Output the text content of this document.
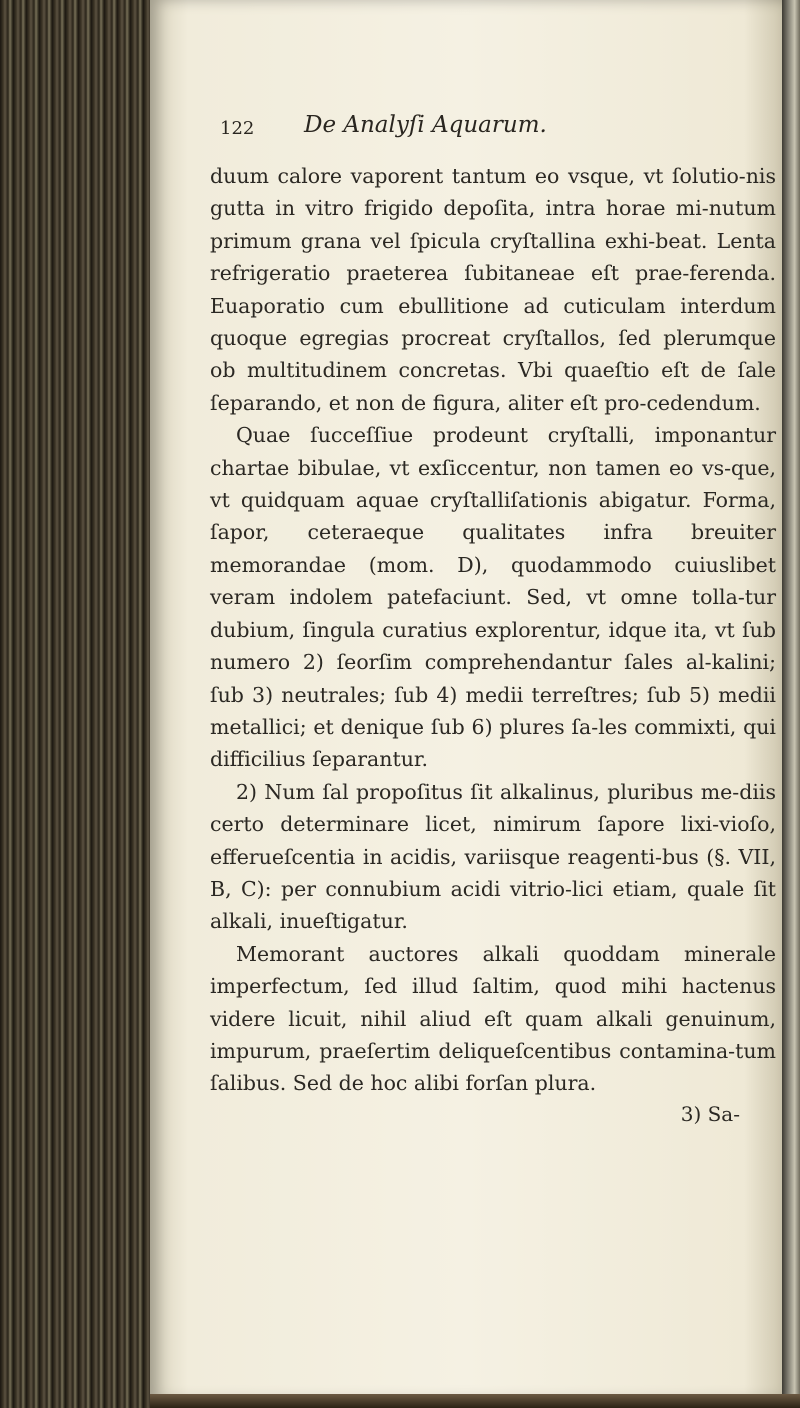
122 De Analyſi Aquarum.

duum calore vaporent tantum eo vsque, vt ſolutio-nis gutta in vitro frigido depoſita, intra horae mi-nutum primum grana vel ſpicula cryſtallina exhi-beat. Lenta refrigeratio praeterea ſubitaneae eſt prae-ferenda. Euaporatio cum ebullitione ad cuticulam interdum quoque egregias procreat cryſtallos, ſed plerumque ob multitudinem concretas. Vbi quaeſtio eſt de ſale ſeparando, et non de figura, aliter eſt pro-cedendum.

Quae ſucceſſiue prodeunt cryſtalli, imponantur chartae bibulae, vt exſiccentur, non tamen eo vs-que, vt quidquam aquae cryſtalliſationis abigatur. Forma, ſapor, ceteraeque qualitates infra breuiter memorandae (mom. D), quodammodo cuiuslibet veram indolem patefaciunt. Sed, vt omne tolla-tur dubium, ſingula curatius explorentur, idque ita, vt ſub numero 2) ſeorſim comprehendantur ſales al-kalini; ſub 3) neutrales; ſub 4) medii terreſtres; ſub 5) medii metallici; et denique ſub 6) plures ſa-les commixti, qui difficilius ſeparantur.

2) Num ſal propoſitus ſit alkalinus, pluribus me-diis certo determinare licet, nimirum ſapore lixi-vioſo, efferueſcentia in acidis, variisque reagenti-bus (§. VII, B, C): per connubium acidi vitrio-lici etiam, quale ſit alkali, inueſtigatur.

Memorant auctores alkali quoddam minerale imperfectum, ſed illud ſaltim, quod mihi hactenus videre licuit, nihil aliud eſt quam alkali genuinum, impurum, praeſertim deliqueſcentibus contamina-tum ſalibus. Sed de hoc alibi forſan plura.

3) Sa-
